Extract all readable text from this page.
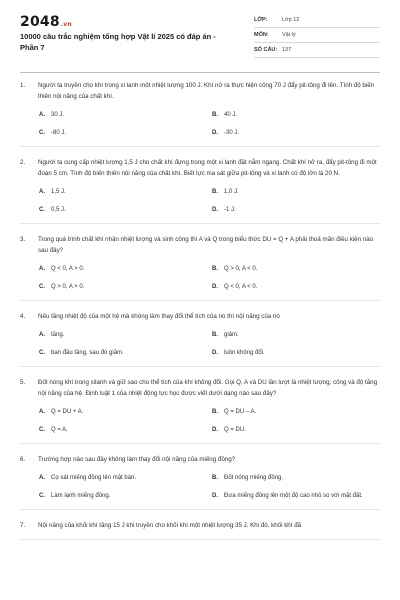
2048.vn
10000 câu trắc nghiệm tổng hợp Vật lí 2025 có đáp án - Phần 7
LỚP:	Lớp 12
MÔN:	Vật lý
SỐ CÂU: 137
1.	Người ta truyền cho khí trong xi lanh một nhiệt lượng 100 J. Khí nở ra thực hiện công 70 J đẩy pit-tông đi lên. Tính độ biến thiên nội năng của chất khí.
A.	30 J.	B.	40 J.
C.	-80 J.	D.	-30 J.
2.	Người ta cung cấp nhiệt lượng 1,5 J cho chất khí đựng trong một xi lanh đặt nằm ngang. Chất khí nở ra, đẩy pit-tông đi một đoạn 5 cm. Tính độ biến thiên nội năng của chất khí. Biết lực ma sát giữa pit-tông và xi lanh có độ lớn là 20 N.
A.	1,5 J.	B.	1,0 J.
C.	0,5 J.	D.	-1 J.
3.	Trong quá trình chất khí nhận nhiệt lượng và sinh công thì A và Q trong biểu thức DU = Q + A phải thoả mãn điều kiện nào sau đây?
A.	Q < 0, A > 0.	B.	Q > 0, A < 0.
C.	Q > 0, A > 0.	D.	Q < 0, A < 0.
4.	Nếu tăng nhiệt độ của một hệ mà không làm thay đổi thể tích của nó thì nội năng của nó
A.	tăng.	B.	giảm.
C.	ban đầu tăng, sau đó giảm.	D.	luôn không đổi.
5.	Đốt nóng khí trong xilanh và giữ sao cho thể tích của khí không đổi. Gọi Q, A và DU lần lượt là nhiệt lượng, công và độ tăng nội năng của hệ. Định luật 1 của nhiệt động lực học được viết dưới dạng nào sau đây?
A.	Q = DU + A.	B.	Q = DU – A.
C.	Q = A.	D.	Q = DU.
6.	Trường hợp nào sau đây không làm thay đổi nội năng của miếng đồng?
A.	Cọ xát miếng đồng lên mặt bàn.	B.	Đốt nóng miếng đồng.
C.	Làm lạnh miếng đồng.	D.	Đưa miếng đồng lên một độ cao nhỏ so với mặt đất.
7.	Nội năng của khối khí tăng 15 J khi truyền cho khối khí một nhiệt lượng 35 J. Khi đó, khối khí đã
